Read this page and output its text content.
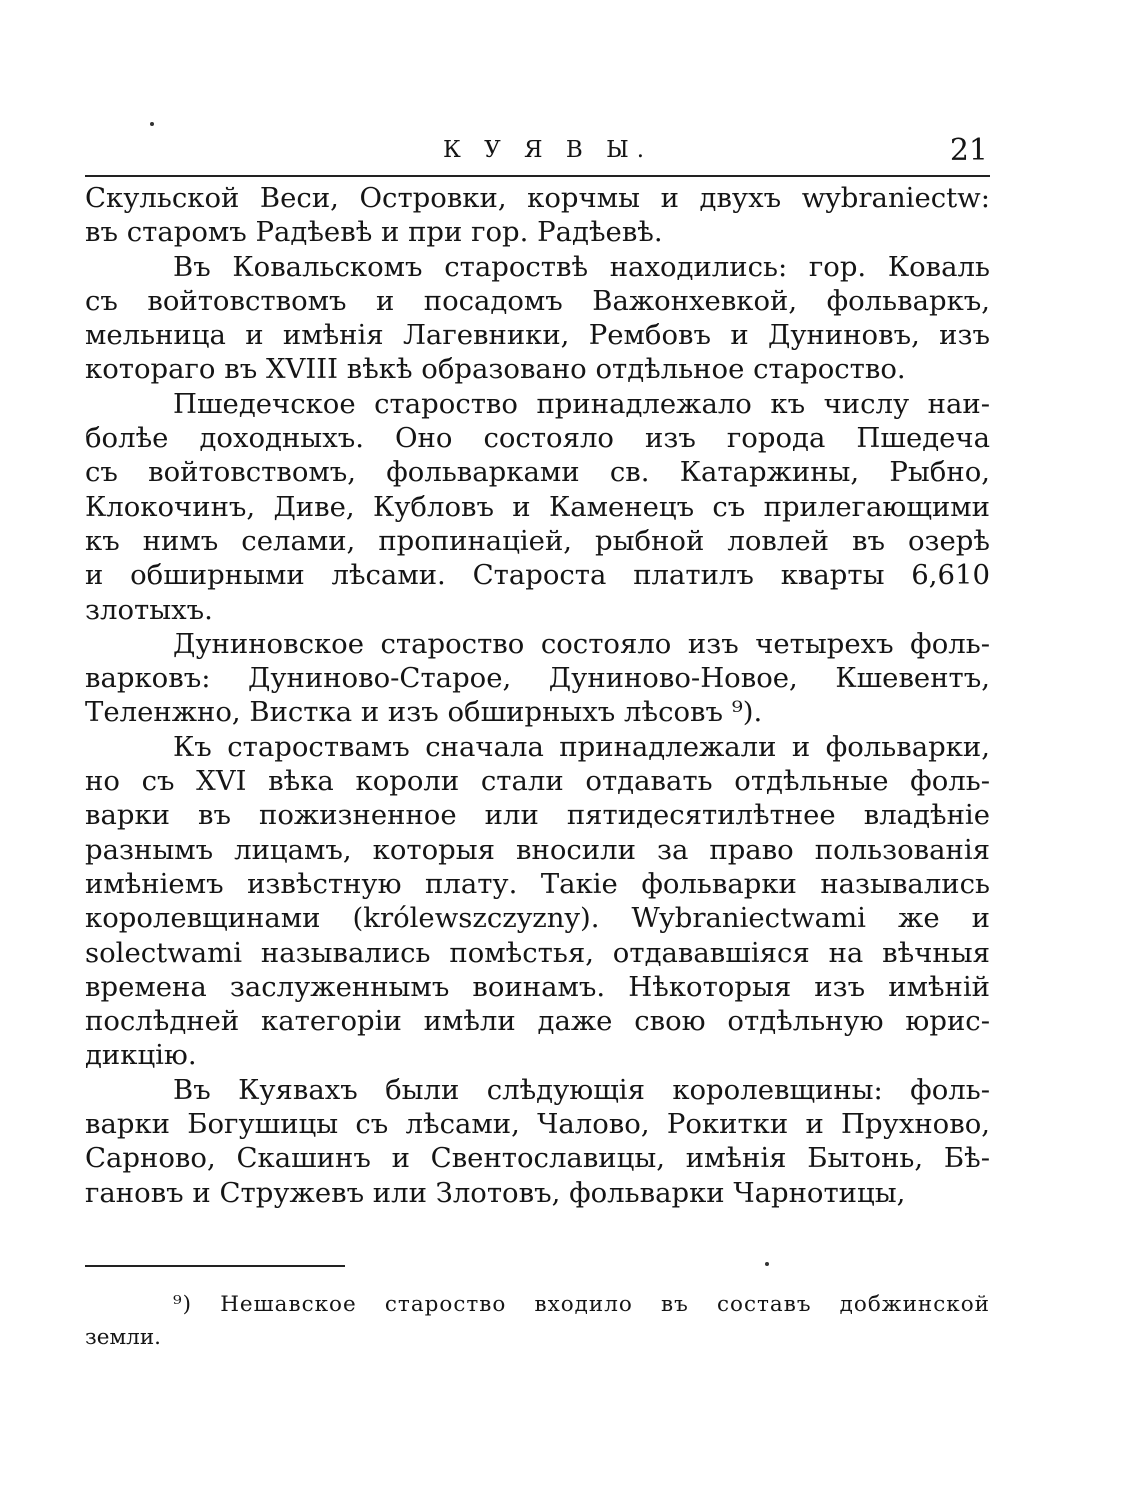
К У Я В Ы.	21

Скульской Веси, Островки, корчмы и двухъ wybraniectw:
въ старомъ Радѣевѣ и при гор. Радѣевѣ.

Въ Ковальскомъ староствѣ находились: гор. Коваль
съ войтовствомъ и посадомъ Важонхевкой, фольваркъ,
мельница и имѣнія Лагевники, Рембовъ и Дуниновъ, изъ
котораго въ XVIII вѣкѣ образовано отдѣльное староство.

Пшедечское староство принадлежало къ числу наи-
болѣе доходныхъ. Оно состояло изъ города Пшедеча
съ войтовствомъ, фольварками св. Катаржины, Рыбно,
Клокочинъ, Диве, Кубловъ и Каменецъ съ прилегающими
къ нимъ селами, пропинаціей, рыбной ловлей въ озерѣ
и обширными лѣсами. Староста платилъ кварты 6,610
злотыхъ.

Дуниновское староство состояло изъ четырехъ фоль-
варковъ: Дуниново-Старое, Дуниново-Новое, Кшевентъ,
Теленжно, Вистка и изъ обширныхъ лѣсовъ ⁹).

Къ староствамъ сначала принадлежали и фольварки,
но съ XVI вѣка короли стали отдавать отдѣльные фоль-
варки въ пожизненное или пятидесятилѣтнее владѣніе
разнымъ лицамъ, которыя вносили за право пользованія
имѣніемъ извѣстную плату. Такіе фольварки назывались
королевщинами (królewszczyzny). Wybraniectwami же и
solectwami назывались помѣстья, отдававшіяся на вѣчныя
времена заслуженнымъ воинамъ. Нѣкоторыя изъ имѣній
послѣдней категоріи имѣли даже свою отдѣльную юрис-
дикцію.

Въ Куявахъ были слѣдующія королевщины: фоль-
варки Богушицы съ лѣсами, Чалово, Рокитки и Пруxново,
Сарново, Скашинъ и Свентославицы, имѣнія Бытонь, Бѣ-
гановъ и Стружевъ или Злотовъ, фольварки Чарнотицы,

⁹) Нешавское староство входило въ составъ добжинской
земли.
